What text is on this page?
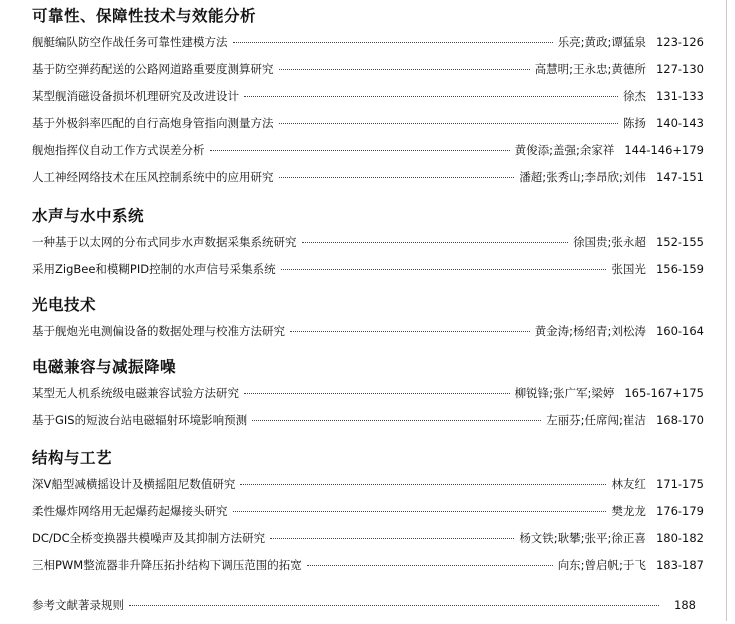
可靠性、保障性技术与效能分析
舰艇编队防空作战任务可靠性建模方法	乐亮;黄政;谭猛泉 123-126
基于防空弹药配送的公路网道路重要度测算研究	高慧明;王永忠;黄德所 127-130
某型舰消磁设备损坏机理研究及改进设计	徐杰 131-133
基于外极斜率匹配的自行高炮身管指向测量方法	陈扬 140-143
舰炮指挥仪自动工作方式误差分析	黄俊添;盖强;余家祥 144-146+179
人工神经网络技术在压风控制系统中的应用研究	潘超;张秀山;李昂欣;刘伟 147-151
水声与水中系统
一种基于以太网的分布式同步水声数据采集系统研究	徐国贵;张永超 152-155
采用ZigBee和模糊PID控制的水声信号采集系统	张国光 156-159
光电技术
基于舰炮光电测偏设备的数据处理与校准方法研究	黄金涛;杨绍青;刘松涛 160-164
电磁兼容与减振降噪
某型无人机系统级电磁兼容试验方法研究	柳锐锋;张广军;梁婷 165-167+175
基于GIS的短波台站电磁辐射环境影响预测	左丽芬;任席闯;崔洁 168-170
结构与工艺
深V船型减横摇设计及横摇阻尼数值研究	林友红 171-175
柔性爆炸网络用无起爆药起爆接头研究	樊龙龙 176-179
DC/DC全桥变换器共模噪声及其抑制方法研究	杨文铁;耿攀;张平;徐正喜 180-182
三相PWM整流器非升降压拓扑结构下调压范围的拓宽	向东;曾启帆;于飞 183-187
参考文献著录规则	188
